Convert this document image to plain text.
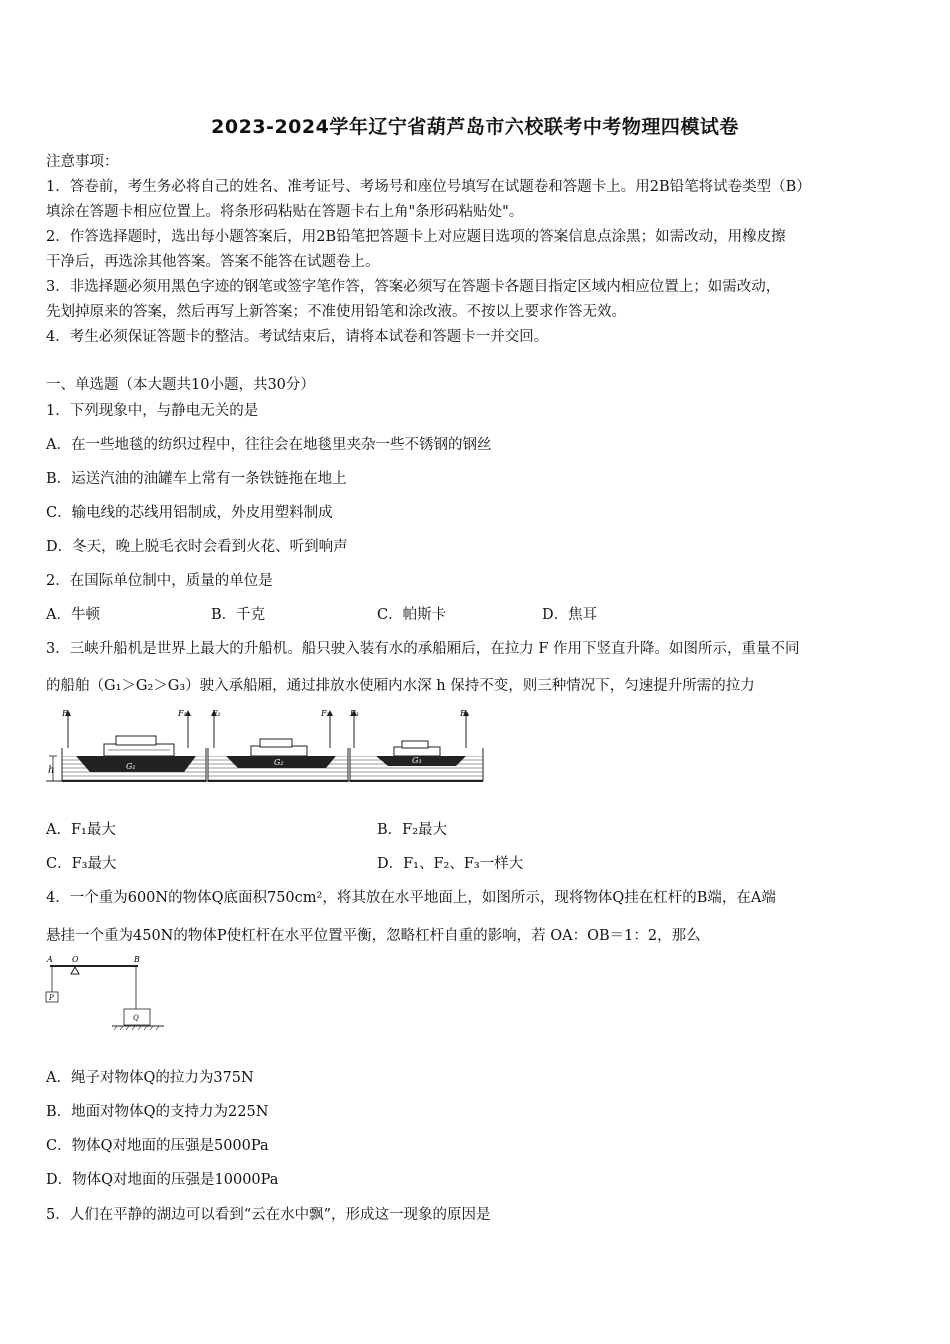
2023-2024学年辽宁省葫芦岛市六校联考中考物理四模试卷
注意事项：
1．答卷前，考生务必将自己的姓名、准考证号、考场号和座位号填写在试题卷和答题卡上。用2B铅笔将试卷类型（B）
填涂在答题卡相应位置上。将条形码粘贴在答题卡右上角"条形码粘贴处"。
2．作答选择题时，选出每小题答案后，用2B铅笔把答题卡上对应题目选项的答案信息点涂黑；如需改动，用橡皮擦
干净后，再选涂其他答案。答案不能答在试题卷上。
3．非选择题必须用黑色字迹的钢笔或签字笔作答，答案必须写在答题卡各题目指定区域内相应位置上；如需改动，
先划掉原来的答案，然后再写上新答案；不准使用铅笔和涂改液。不按以上要求作答无效。
4．考生必须保证答题卡的整洁。考试结束后，请将本试卷和答题卡一并交回。
一、单选题（本大题共10小题，共30分）
1．下列现象中，与静电无关的是
A．在一些地毯的纺织过程中，往往会在地毯里夹杂一些不锈钢的钢丝
B．运送汽油的油罐车上常有一条铁链拖在地上
C．输电线的芯线用铝制成，外皮用塑料制成
D．冬天，晚上脱毛衣时会看到火花、听到响声
2．在国际单位制中，质量的单位是
A．牛顿	B．千克	C．帕斯卡	D．焦耳
3．三峡升船机是世界上最大的升船机。船只驶入装有水的承船厢后，在拉力 F 作用下竖直升降。如图所示，重量不同
的船舶（G₁＞G₂＞G₃）驶入承船厢，通过排放水使厢内水深 h 保持不变，则三种情况下，匀速提升所需的拉力
h	G₁
F₁	F₁
G₂
F₂	F₂
G₃
F₃	F₃
A．F₁最大	B．F₂最大
C．F₃最大	D．F₁、F₂、F₃一样大
4．一个重为600N的物体Q底面积750cm²，将其放在水平地面上，如图所示，现将物体Q挂在杠杆的B端，在A端
悬挂一个重为450N的物体P使杠杆在水平位置平衡，忽略杠杆自重的影响，若 OA：OB＝1：2，那么
A O	B
P
Q
A．绳子对物体Q的拉力为375N
B．地面对物体Q的支持力为225N
C．物体Q对地面的压强是5000Pa
D．物体Q对地面的压强是10000Pa
5．人们在平静的湖边可以看到“云在水中飘”，形成这一现象的原因是
